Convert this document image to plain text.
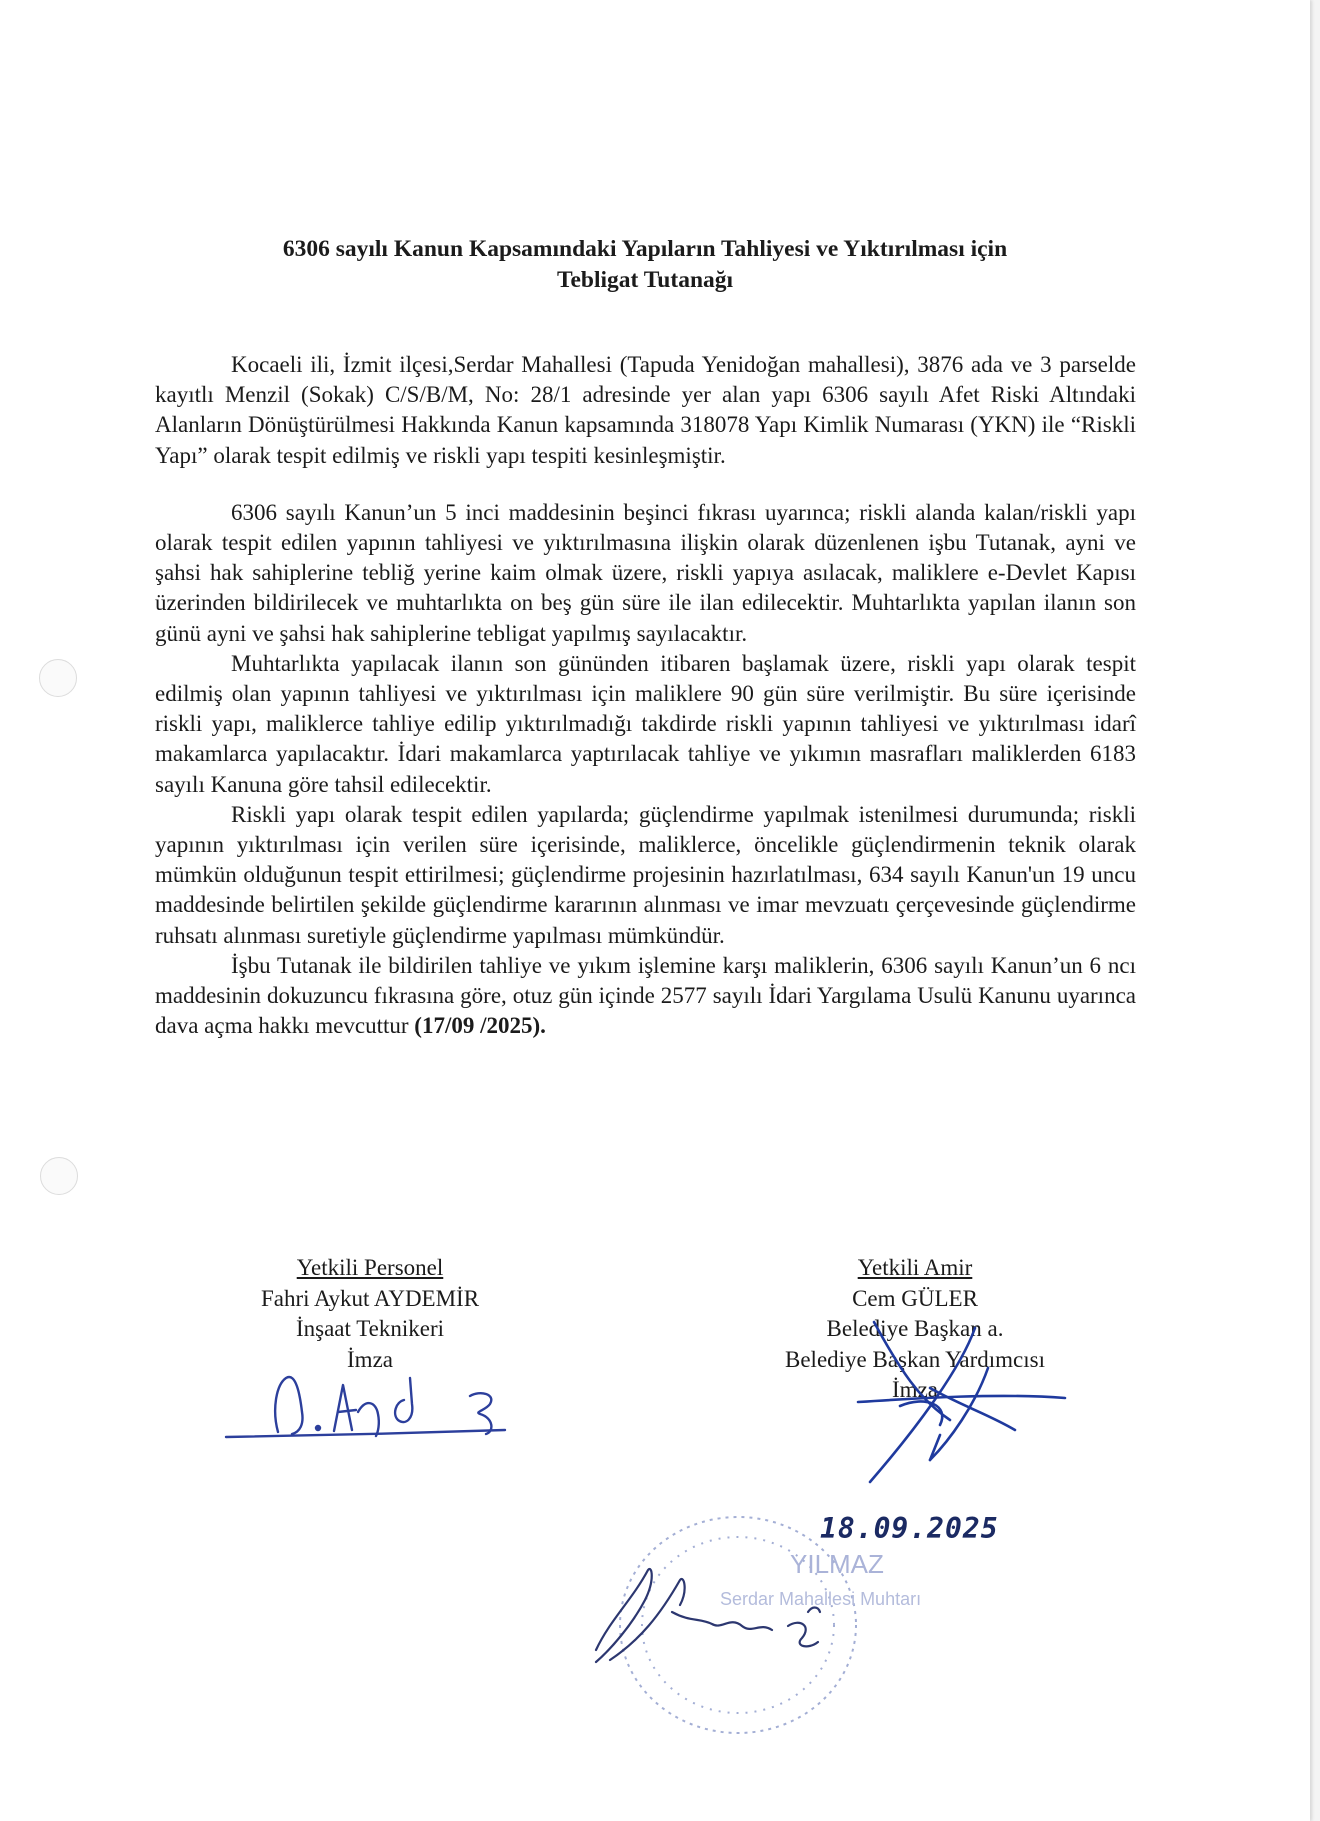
6306 sayılı Kanun Kapsamındaki Yapıların Tahliyesi ve Yıktırılması için
Tebligat Tutanağı

Kocaeli ili, İzmit ilçesi,Serdar Mahallesi (Tapuda Yenidoğan mahallesi), 3876 ada ve 3 parselde kayıtlı Menzil (Sokak) C/S/B/M, No: 28/1 adresinde yer alan yapı 6306 sayılı Afet Riski Altındaki Alanların Dönüştürülmesi Hakkında Kanun kapsamında 318078 Yapı Kimlik Numarası (YKN) ile “Riskli Yapı” olarak tespit edilmiş ve riskli yapı tespiti kesinleşmiştir.

6306 sayılı Kanun’un 5 inci maddesinin beşinci fıkrası uyarınca; riskli alanda kalan/riskli yapı olarak tespit edilen yapının tahliyesi ve yıktırılmasına ilişkin olarak düzenlenen işbu Tutanak, ayni ve şahsi hak sahiplerine tebliğ yerine kaim olmak üzere, riskli yapıya asılacak, maliklere e-Devlet Kapısı üzerinden bildirilecek ve muhtarlıkta on beş gün süre ile ilan edilecektir. Muhtarlıkta yapılan ilanın son günü ayni ve şahsi hak sahiplerine tebligat yapılmış sayılacaktır.

Muhtarlıkta yapılacak ilanın son gününden itibaren başlamak üzere, riskli yapı olarak tespit edilmiş olan yapının tahliyesi ve yıktırılması için maliklere 90 gün süre verilmiştir. Bu süre içerisinde riskli yapı, maliklerce tahliye edilip yıktırılmadığı takdirde riskli yapının tahliyesi ve yıktırılması idarî makamlarca yapılacaktır. İdari makamlarca yaptırılacak tahliye ve yıkımın masrafları maliklerden 6183 sayılı Kanuna göre tahsil edilecektir.

Riskli yapı olarak tespit edilen yapılarda; güçlendirme yapılmak istenilmesi durumunda; riskli yapının yıktırılması için verilen süre içerisinde, maliklerce, öncelikle güçlendirmenin teknik olarak mümkün olduğunun tespit ettirilmesi; güçlendirme projesinin hazırlatılması, 634 sayılı Kanun'un 19 uncu maddesinde belirtilen şekilde güçlendirme kararının alınması ve imar mevzuatı çerçevesinde güçlendirme ruhsatı alınması suretiyle güçlendirme yapılması mümkündür.

İşbu Tutanak ile bildirilen tahliye ve yıkım işlemine karşı maliklerin, 6306 sayılı Kanun’un 6 ncı maddesinin dokuzuncu fıkrasına göre, otuz gün içinde 2577 sayılı İdari Yargılama Usulü Kanunu uyarınca dava açma hakkı mevcuttur (17/09 /2025).

Yetkili Personel
Fahri Aykut AYDEMİR
İnşaat Teknikeri
İmza
Yetkili Amir
Cem GÜLER
Belediye Başkan a.
Belediye Başkan Yardımcısı
İmza
YILMAZ
Serdar Mahallesi Muhtarı
18.09.2025
